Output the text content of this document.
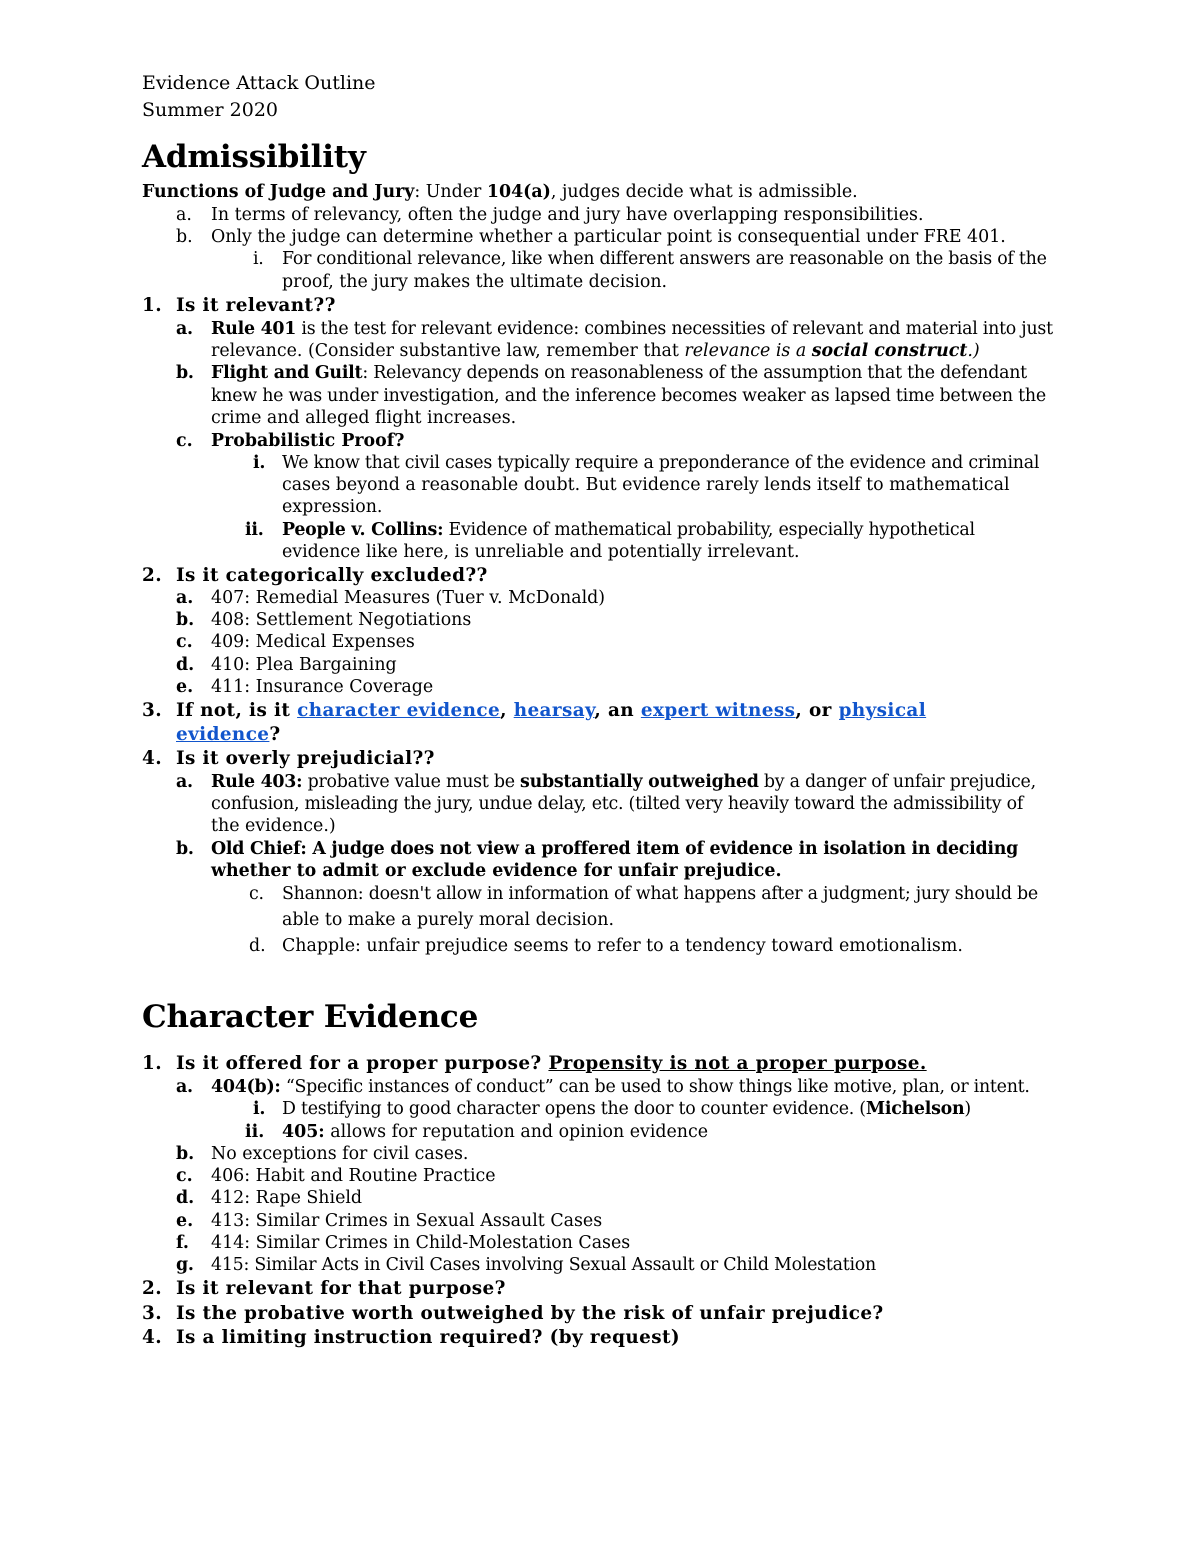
Evidence Attack Outline
Summer 2020
Admissibility
Functions of Judge and Jury: Under 104(a), judges decide what is admissible.
a. In terms of relevancy, often the judge and jury have overlapping responsibilities.
b. Only the judge can determine whether a particular point is consequential under FRE 401.
i. For conditional relevance, like when different answers are reasonable on the basis of the
proof, the jury makes the ultimate decision.
1. Is it relevant??
a. Rule 401 is the test for relevant evidence: combines necessities of relevant and material into just
relevance. (Consider substantive law, remember that relevance is a social construct.)
b. Flight and Guilt: Relevancy depends on reasonableness of the assumption that the defendant
knew he was under investigation, and the inference becomes weaker as lapsed time between the
crime and alleged flight increases.
c. Probabilistic Proof?
i. We know that civil cases typically require a preponderance of the evidence and criminal
cases beyond a reasonable doubt. But evidence rarely lends itself to mathematical
expression.
ii. People v. Collins: Evidence of mathematical probability, especially hypothetical
evidence like here, is unreliable and potentially irrelevant.
2. Is it categorically excluded??
a. 407: Remedial Measures (Tuer v. McDonald)
b. 408: Settlement Negotiations
c. 409: Medical Expenses
d. 410: Plea Bargaining
e. 411: Insurance Coverage
3. If not, is it character evidence, hearsay, an expert witness, or physical
evidence?
4. Is it overly prejudicial??
a. Rule 403: probative value must be substantially outweighed by a danger of unfair prejudice,
confusion, misleading the jury, undue delay, etc. (tilted very heavily toward the admissibility of
the evidence.)
b. Old Chief: A judge does not view a proffered item of evidence in isolation in deciding
whether to admit or exclude evidence for unfair prejudice.
c. Shannon: doesn't allow in information of what happens after a judgment; jury should be
able to make a purely moral decision.
d. Chapple: unfair prejudice seems to refer to a tendency toward emotionalism.
Character Evidence
1. Is it offered for a proper purpose? Propensity is not a proper purpose.
a. 404(b): “Specific instances of conduct” can be used to show things like motive, plan, or intent.
i. D testifying to good character opens the door to counter evidence. (Michelson)
ii. 405: allows for reputation and opinion evidence
b. No exceptions for civil cases.
c. 406: Habit and Routine Practice
d. 412: Rape Shield
e. 413: Similar Crimes in Sexual Assault Cases
f. 414: Similar Crimes in Child-Molestation Cases
g. 415: Similar Acts in Civil Cases involving Sexual Assault or Child Molestation
2. Is it relevant for that purpose?
3. Is the probative worth outweighed by the risk of unfair prejudice?
4. Is a limiting instruction required? (by request)
